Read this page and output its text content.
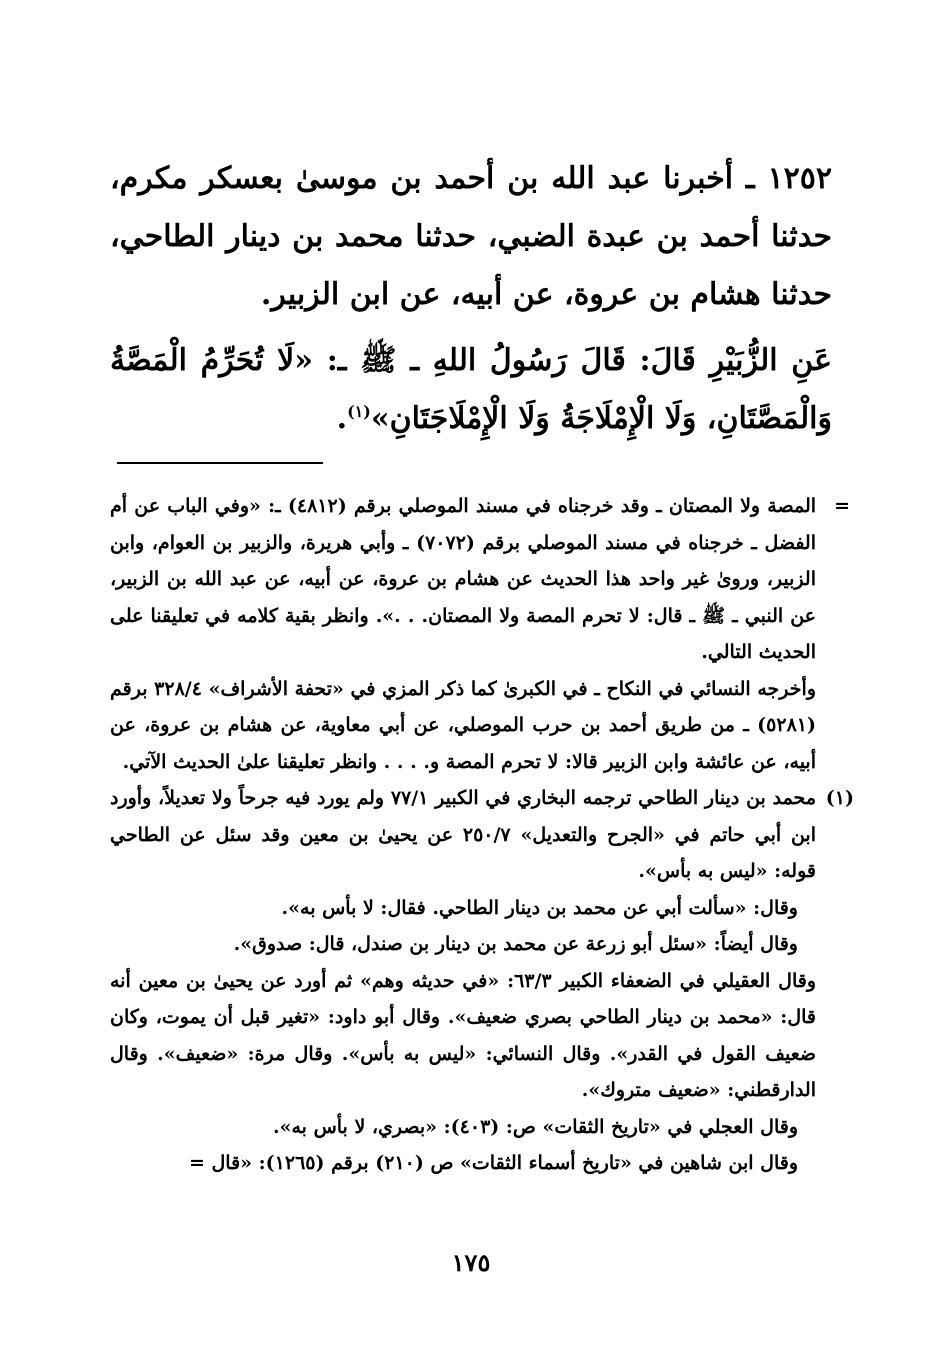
١٢٥٢ ـ أخبرنا عبد الله بن أحمد بن موسىٰ بعسكر مكرم، حدثنا أحمد بن عبدة الضبي، حدثنا محمد بن دينار الطاحي، حدثنا هشام بن عروة، عن أبيه، عن ابن الزبير.

عَنِ الزُّبَيْرِ قَالَ: قَالَ رَسُولُ اللهِ ـ ﷺ ـ: «لَا تُحَرِّمُ الْمَصَّةُ وَالْمَصَّتَانِ، وَلَا الْإِمْلَاجَةُ وَلَا الْإِمْلَاجَتَانِ»$^{(١)}$.

=
المصة ولا المصتان ـ وقد خرجناه في مسند الموصلي برقم (٤٨١٢) ـ: «وفي الباب عن أم الفضل ـ خرجناه في مسند الموصلي برقم (٧٠٧٢) ـ وأبي هريرة، والزبير بن العوام، وابن الزبير، وروىٰ غير واحد هذا الحديث عن هشام بن عروة، عن أبيه، عن عبد الله بن الزبير، عن النبي ـ ﷺ ـ قال: لا تحرم المصة ولا المصتان. . .». وانظر بقية كلامه في تعليقنا على الحديث التالي.

وأخرجه النسائي في النكاح ـ في الكبرىٰ كما ذكر المزي في «تحفة الأشراف» ٣٢٨/٤ برقم (٥٢٨١) ـ من طريق أحمد بن حرب الموصلي، عن أبي معاوية، عن هشام بن عروة، عن أبيه، عن عائشة وابن الزبير قالا: لا تحرم المصة و. . . . وانظر تعليقنا علىٰ الحديث الآتي.

(١)
محمد بن دينار الطاحي ترجمه البخاري في الكبير ٧٧/١ ولم يورد فيه جرحاً ولا تعديلاً، وأورد ابن أبي حاتم في «الجرح والتعديل» ٢٥٠/٧ عن يحيىٰ بن معين وقد سئل عن الطاحي قوله: «ليس به بأس».

وقال: «سألت أبي عن محمد بن دينار الطاحي. فقال: لا بأس به».

وقال أيضاً: «سئل أبو زرعة عن محمد بن دينار بن صندل، قال: صدوق».

وقال العقيلي في الضعفاء الكبير ٦٣/٣: «في حديثه وهم» ثم أورد عن يحيىٰ بن معين أنه قال: «محمد بن دينار الطاحي بصري ضعيف». وقال أبو داود: «تغير قبل أن يموت، وكان ضعيف القول في القدر». وقال النسائي: «ليس به بأس». وقال مرة: «ضعيف». وقال الدارقطني: «ضعيف متروك».

وقال العجلي في «تاريخ الثقات» ص: (٤٠٣): «بصري، لا بأس به».

وقال ابن شاهين في «تاريخ أسماء الثقات» ص (٢١٠) برقم (١٢٦٥): «قال =

١٧٥
